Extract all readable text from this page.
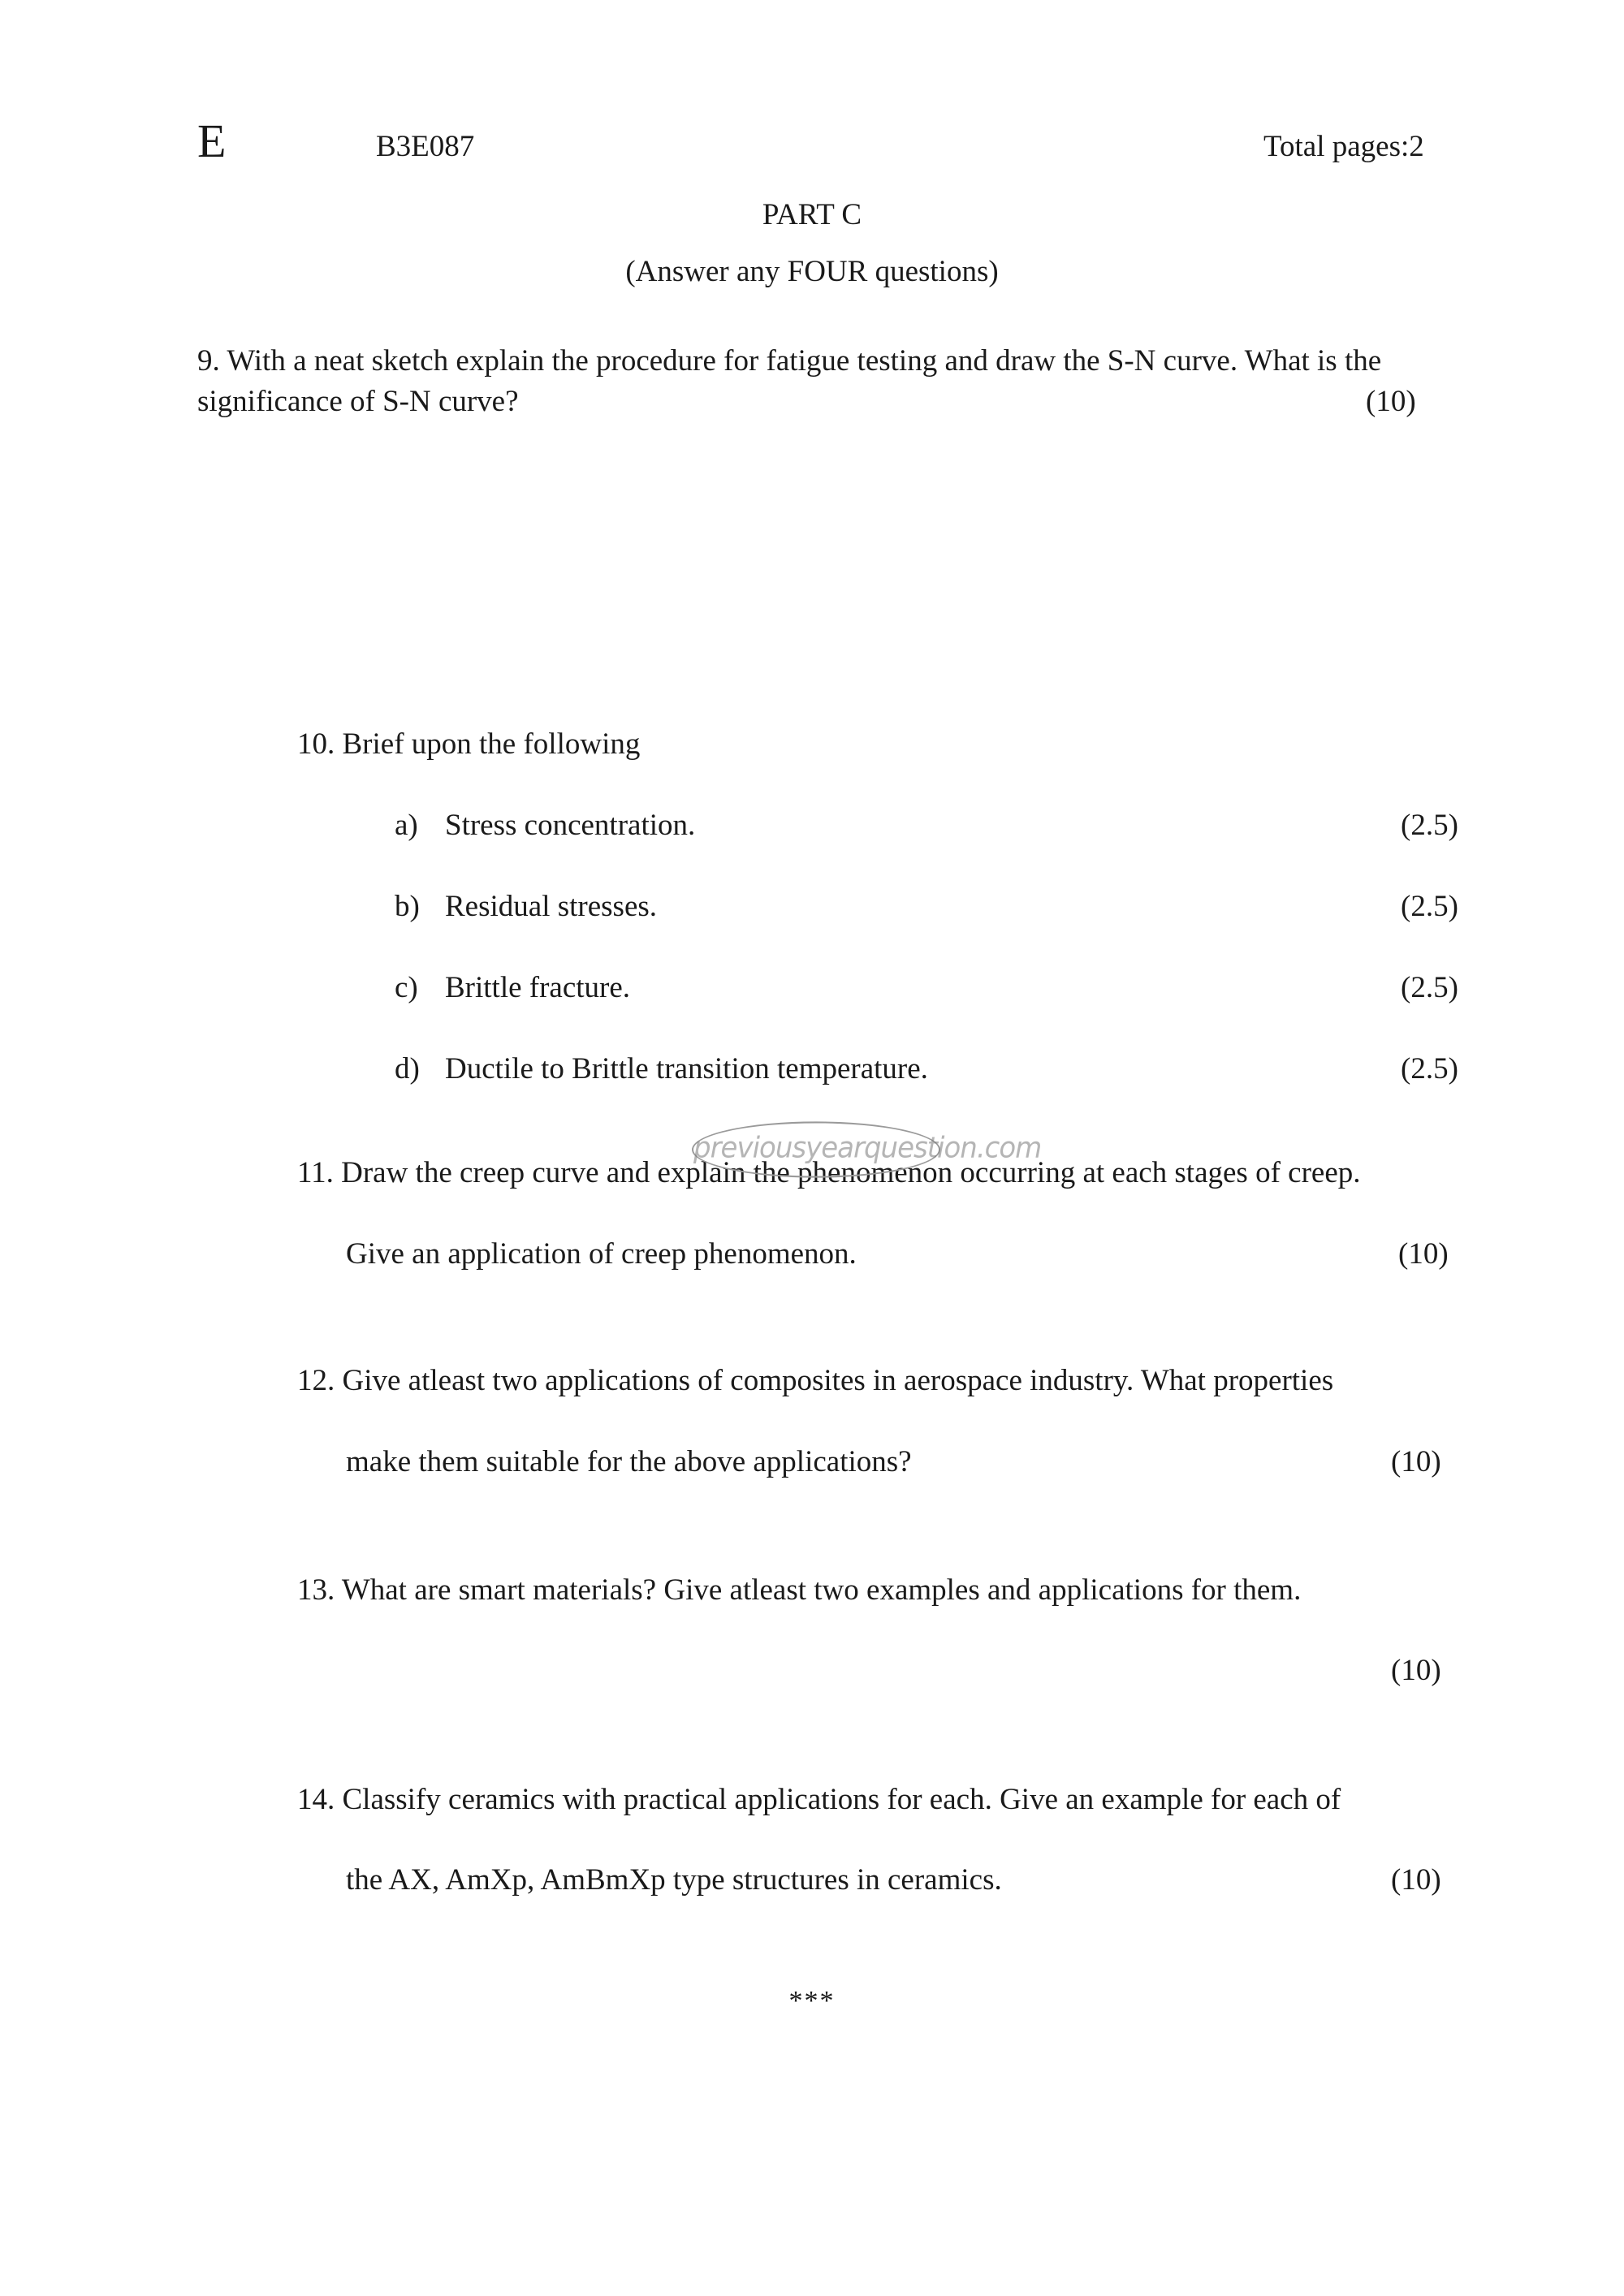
E	B3E087	Total pages:2
PART C
(Answer any FOUR questions)
9. With a neat sketch explain the procedure for fatigue testing and draw the S-N curve. What is the
significance of S-N curve?	(10)
10. Brief upon the following
a) Stress concentration.	(2.5)
b) Residual stresses.	(2.5)
c) Brittle fracture.	(2.5)
d) Ductile to Brittle transition temperature.	(2.5)
11. Draw the creep curve and explain the phenomenon occurring at each stages of creep.
Give an application of creep phenomenon.	(10)
previousyearquestion.com
12. Give atleast two applications of composites in aerospace industry. What properties
make them suitable for the above applications?	(10)
13. What are smart materials? Give atleast two examples and applications for them.
(10)
14. Classify ceramics with practical applications for each. Give an example for each of
the AX, AmXp, AmBmXp type structures in ceramics.	(10)
***
